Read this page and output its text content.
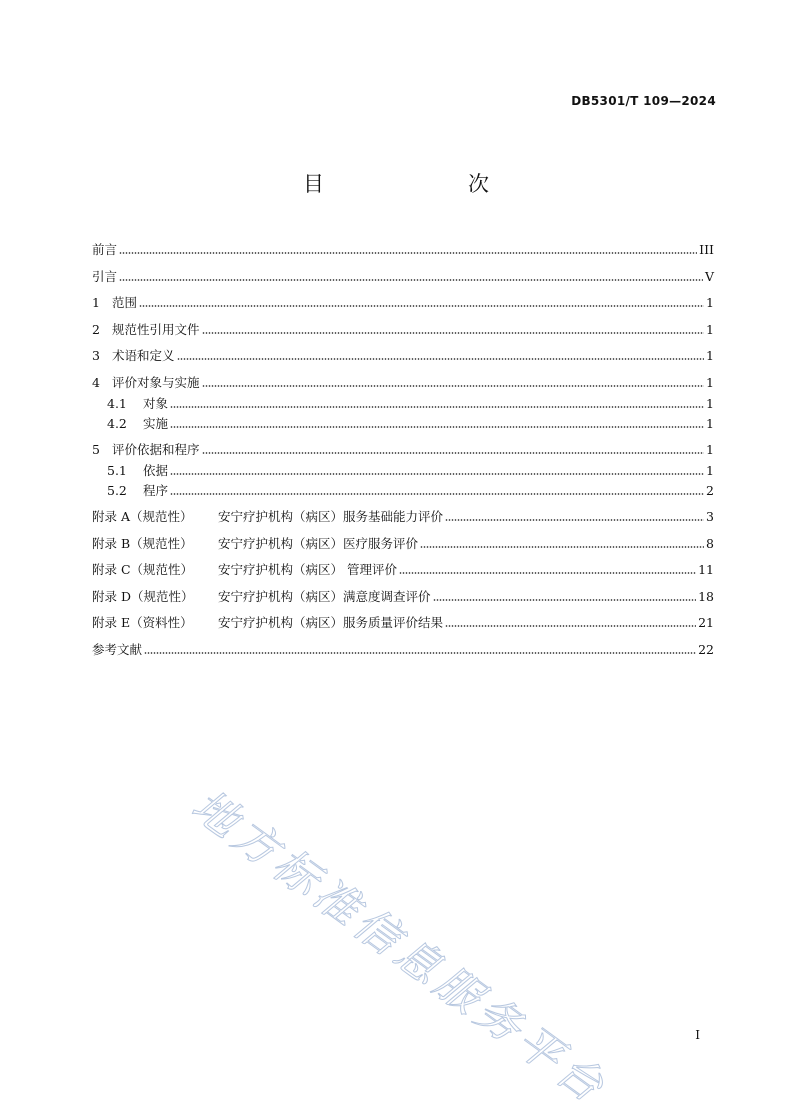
DB5301/T 109—2024
目　　次
前言	III
引言	V
1 范围	1
2 规范性引用文件	1
3 术语和定义	1
4 评价对象与实施	1
4.1 对象	1
4.2 实施	1
5 评价依据和程序	1
5.1 依据	1
5.2 程序	2
附录 A（规范性） 安宁疗护机构（病区）服务基础能力评价	3
附录 B（规范性） 安宁疗护机构（病区）医疗服务评价	8
附录 C（规范性） 安宁疗护机构（病区） 管理评价	11
附录 D（规范性） 安宁疗护机构（病区）满意度调查评价	18
附录 E（资料性） 安宁疗护机构（病区）服务质量评价结果	21
参考文献	22
地方标准信息服务平台	I
